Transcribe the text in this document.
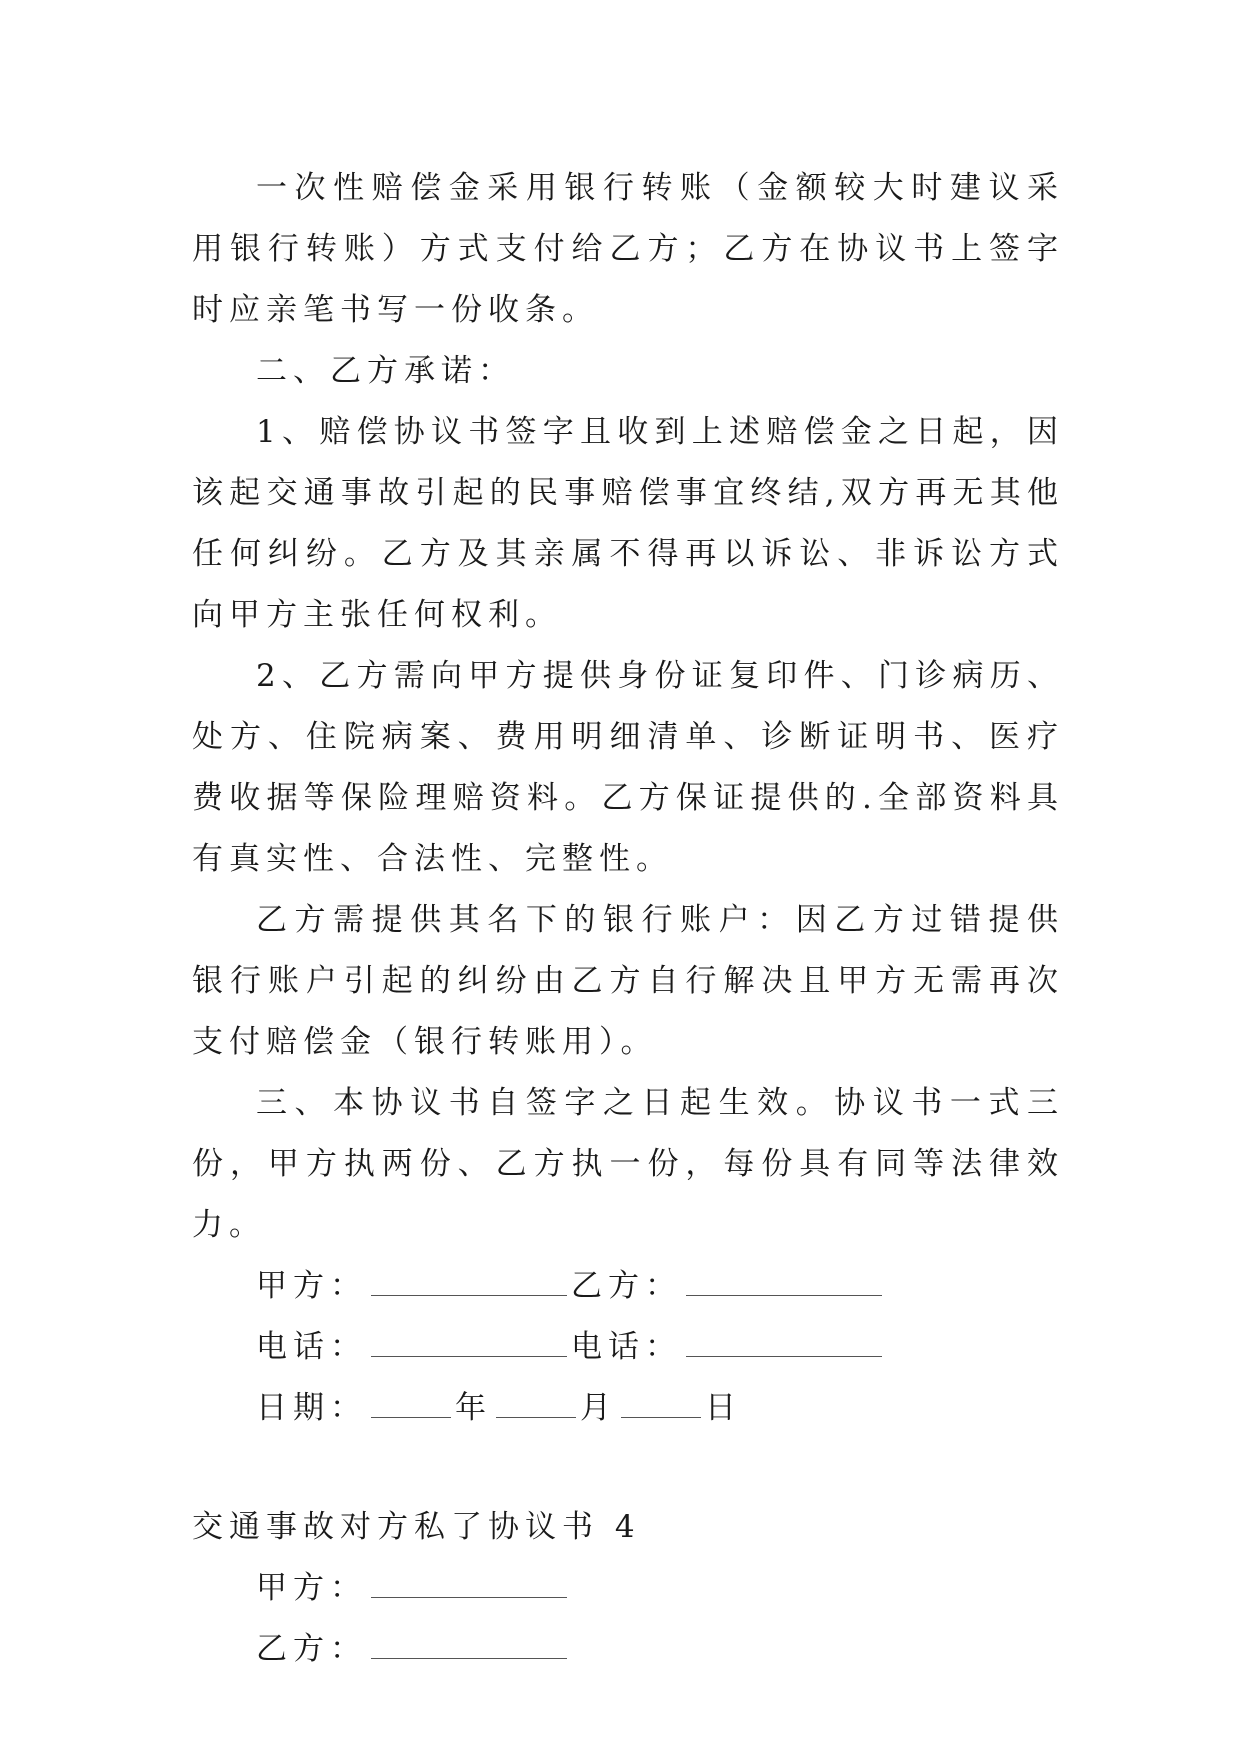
一次性赔偿金采用银行转账（金额较大时建议采用银行转账）方式支付给乙方；乙方在协议书上签字时应亲笔书写一份收条。

二、乙方承诺：

1、赔偿协议书签字且收到上述赔偿金之日起，因该起交通事故引起的民事赔偿事宜终结,双方再无其他任何纠纷。乙方及其亲属不得再以诉讼、非诉讼方式向甲方主张任何权利。

2、乙方需向甲方提供身份证复印件、门诊病历、处方、住院病案、费用明细清单、诊断证明书、医疗费收据等保险理赔资料。乙方保证提供的.全部资料具有真实性、合法性、完整性。

乙方需提供其名下的银行账户：因乙方过错提供银行账户引起的纠纷由乙方自行解决且甲方无需再次支付赔偿金（银行转账用）。

三、本协议书自签字之日起生效。协议书一式三份，甲方执两份、乙方执一份，每份具有同等法律效力。

甲方：	乙方：
电话：	电话：
日期：	年	月	日

交通事故对方私了协议书 4

甲方：
乙方：
